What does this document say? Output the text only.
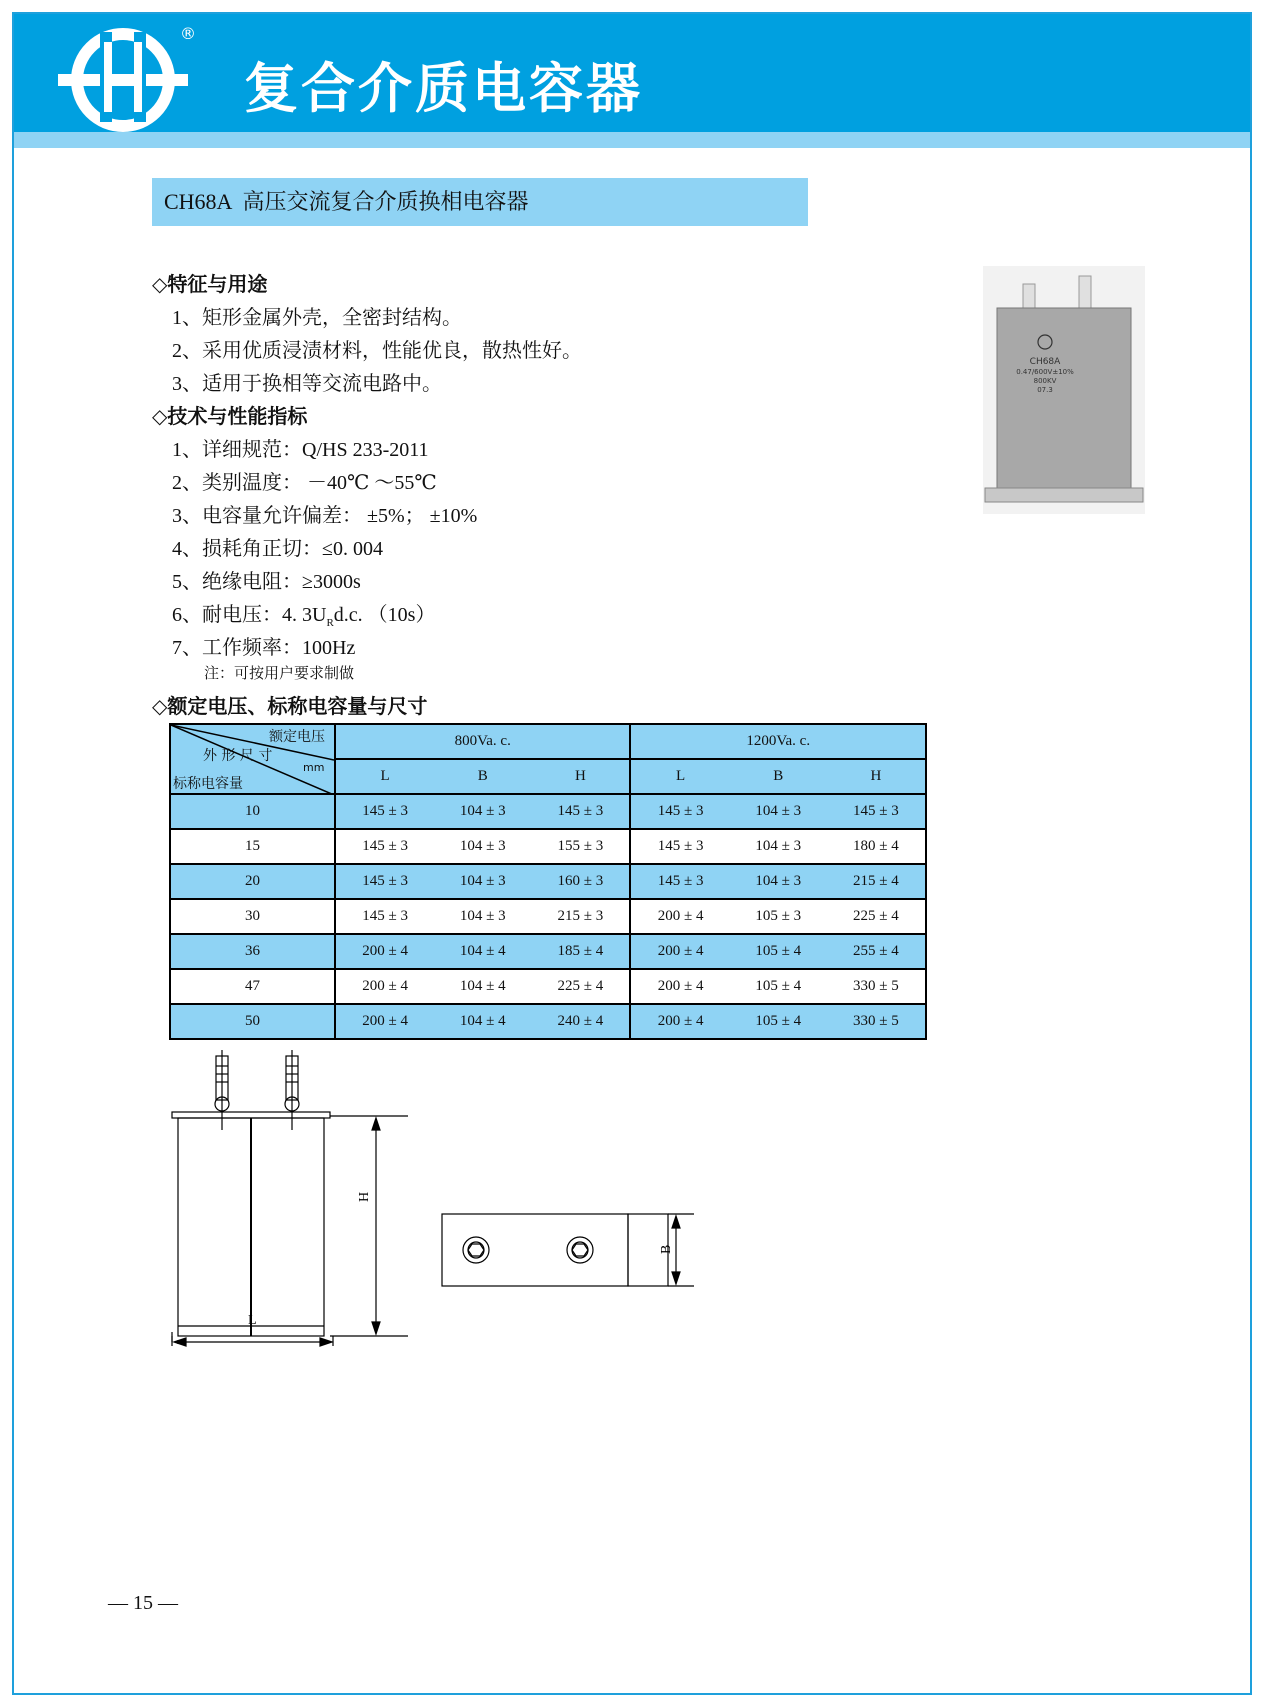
®
复合介质电容器
CH68A 高压交流复合介质换相电容器
◇特征与用途
1、矩形金属外壳，全密封结构。
2、采用优质浸渍材料，性能优良，散热性好。
3、适用于换相等交流电路中。
◇技术与性能指标
1、详细规范：Q/HS 233-2011
2、类别温度： －40℃ ～55℃
3、电容量允许偏差： ±5%； ±10%
4、损耗角正切：≤0. 004
5、绝缘电阻：≥3000s
6、耐电压：4. $3U_Rd.c$. （10s）
7、工作频率：100Hz
注：可按用户要求制做
CH68A
0.47/600V±10%
800KV
07.3
◇额定电压、标称电容量与尺寸
额定电压
外 形 尺 寸
mm
标称电容量	800Va. c.			1200Va. c.		
	L	B	H	L	B	H
10	145 ± 3	104 ± 3	145 ± 3	145 ± 3	104 ± 3	145 ± 3
15	145 ± 3	104 ± 3	155 ± 3	145 ± 3	104 ± 3	180 ± 4
20	145 ± 3	104 ± 3	160 ± 3	145 ± 3	104 ± 3	215 ± 4
30	145 ± 3	104 ± 3	215 ± 3	200 ± 4	105 ± 3	225 ± 4
36	200 ± 4	104 ± 4	185 ± 4	200 ± 4	105 ± 4	255 ± 4
47	200 ± 4	104 ± 4	225 ± 4	200 ± 4	105 ± 4	330 ± 5
50	200 ± 4	104 ± 4	240 ± 4	200 ± 4	105 ± 4	330 ± 5
H
L
B
— 15 —
